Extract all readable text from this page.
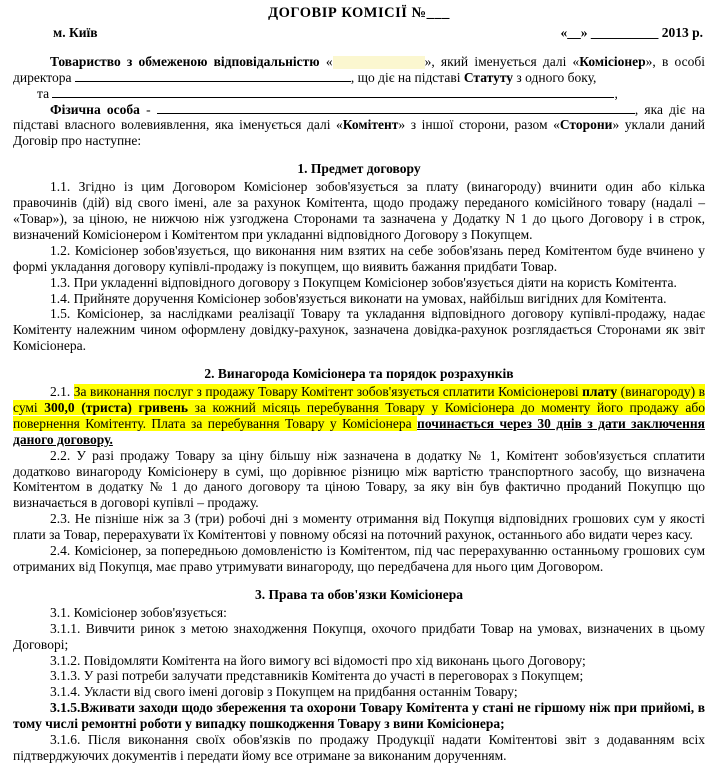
ДОГОВІР КОМІСІЇ №___
м. Київ	«__» __________ 2013 р.
Товариство з обмеженою відповідальністю «	», який іменується далі «Комісіонер», в особі директора	, що діє на підставі Статуту з одного боку,
та	,
Фізична особа -	, яка діє на підставі власного волевиявлення, яка іменується далі «Комітент» з іншої сторони, разом «Сторони» уклали даний Договір про наступне:
1. Предмет договору
1.1. Згідно із цим Договором Комісіонер зобов'язується за плату (винагороду) вчинити один або кілька правочинів (дій) від свого імені, але за рахунок Комітента, щодо продажу переданого комісійного товару (надалі – «Товар»), за ціною, не нижчою ніж узгоджена Сторонами та зазначена у Додатку N 1 до цього Договору і в строк, визначений Комісіонером і Комітентом при укладанні відповідного Договору з Покупцем.
1.2. Комісіонер зобов'язується, що виконання ним взятих на себе зобов'язань перед Комітентом буде вчинено у формі укладання договору купівлі-продажу із покупцем, що виявить бажання придбати Товар.
1.3. При укладенні відповідного договору з Покупцем Комісіонер зобов'язується діяти на користь Комітента.
1.4. Прийняте доручення Комісіонер зобов'язується виконати на умовах, найбільш вигідних для Комітента.
1.5. Комісіонер, за наслідками реалізації Товару та укладання відповідного договору купівлі-продажу, надає Комітенту належним чином оформлену довідку-рахунок, зазначена довідка-рахунок розглядається Сторонами як звіт Комісіонера.
2. Винагорода Комісіонера та порядок розрахунків
2.1. За виконання послуг з продажу Товару Комітент зобов'язується сплатити Комісіонерові плату (винагороду) в сумі 300,0 (триста) гривень за кожний місяць перебування Товару у Комісіонера до моменту його продажу або повернення Комітенту. Плата за перебування Товару у Комісіонера починається через 30 днів з дати заключення даного договору.
2.2. У разі продажу Товару за ціну більшу ніж зазначена в додатку № 1, Комітент зобов'язується сплатити додатково винагороду Комісіонеру в сумі, що дорівнює різницю між вартістю транспортного засобу, що визначена Комітентом в додатку № 1 до даного договору та ціною Товару, за яку він був фактично проданий Покупцю що визначається в договорі купівлі – продажу.
2.3. Не пізніше ніж за 3 (три) робочі дні з моменту отримання від Покупця відповідних грошових сум у якості плати за Товар, перерахувати їх Комітентові у повному обсязі на поточний рахунок, останнього або видати через касу.
2.4. Комісіонер, за попередньою домовленістю із Комітентом, під час перерахуванню останньому грошових сум отриманих від Покупця, має право утримувати винагороду, що передбачена для нього цим Договором.
3. Права та обов'язки Комісіонера
3.1. Комісіонер зобов'язується:
3.1.1. Вивчити ринок з метою знаходження Покупця, охочого придбати Товар на умовах, визначених в цьому Договорі;
3.1.2. Повідомляти Комітента на його вимогу всі відомості про хід виконань цього Договору;
3.1.3. У разі потреби залучати представників Комітента до участі в переговорах з Покупцем;
3.1.4. Укласти від свого імені договір з Покупцем на придбання останнім Товару;
3.1.5.Вживати заходи щодо збереження та охорони Товару Комітента у стані не гіршому ніж при прийомі, в тому числі ремонтні роботи у випадку пошкодження Товару з вини Комісіонера;
3.1.6. Після виконання своїх обов'язків по продажу Продукції надати Комітентові звіт з додаванням всіх підтверджуючих документів і передати йому все отримане за виконаним дорученням.
